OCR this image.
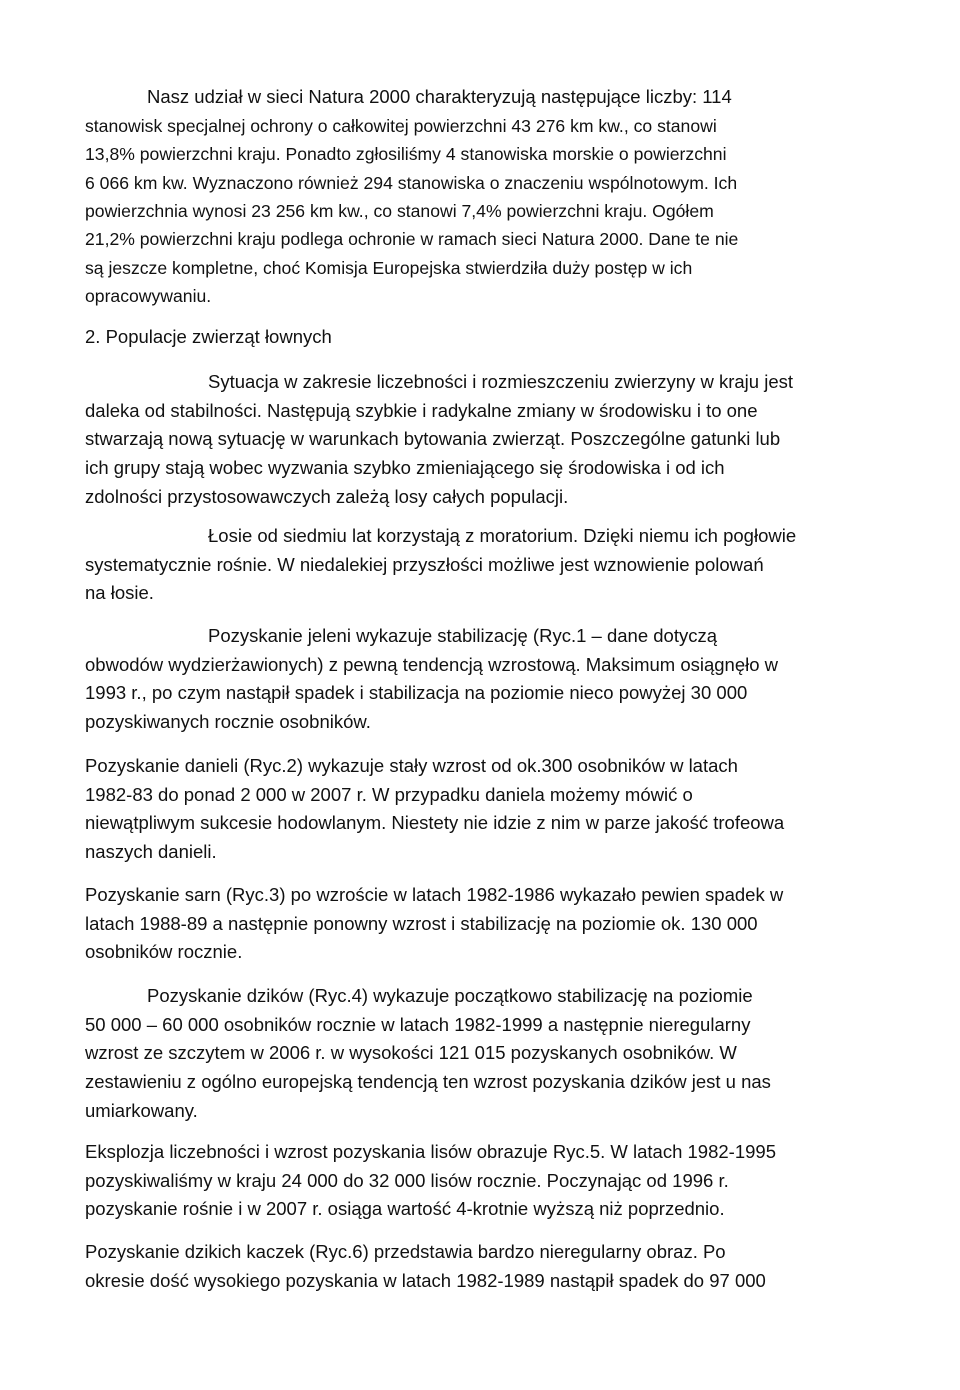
Nasz udział w sieci Natura 2000 charakteryzują następujące liczby: 114
stanowisk specjalnej ochrony o całkowitej powierzchni 43 276 km kw., co stanowi
13,8% powierzchni kraju. Ponadto zgłosiliśmy 4 stanowiska morskie o powierzchni
6 066 km kw. Wyznaczono również 294 stanowiska o znaczeniu wspólnotowym. Ich
powierzchnia wynosi 23 256 km kw., co stanowi 7,4% powierzchni kraju. Ogółem
21,2% powierzchni kraju podlega ochronie w ramach sieci Natura 2000. Dane te nie
są jeszcze kompletne, choć Komisja Europejska stwierdziła duży postęp w ich
opracowywaniu.
2. Populacje zwierząt łownych
Sytuacja w zakresie liczebności i rozmieszczeniu zwierzyny w kraju jest
daleka od stabilności. Następują szybkie i radykalne zmiany w środowisku i to one
stwarzają nową sytuację w warunkach bytowania zwierząt. Poszczególne gatunki lub
ich grupy stają wobec wyzwania szybko zmieniającego się środowiska i od ich
zdolności przystosowawczych zależą losy całych populacji.
Łosie od siedmiu lat korzystają z moratorium. Dzięki niemu ich pogłowie
systematycznie rośnie. W niedalekiej przyszłości możliwe jest wznowienie polowań
na łosie.
Pozyskanie jeleni wykazuje stabilizację (Ryc.1 – dane dotyczą
obwodów wydzierżawionych) z pewną tendencją wzrostową. Maksimum osiągnęło w
1993 r., po czym nastąpił spadek i stabilizacja na poziomie nieco powyżej 30 000
pozyskiwanych rocznie osobników.
Pozyskanie danieli (Ryc.2) wykazuje stały wzrost od ok.300 osobników w latach
1982-83 do ponad 2 000 w 2007 r. W przypadku daniela możemy mówić o
niewątpliwym sukcesie hodowlanym. Niestety nie idzie z nim w parze jakość trofeowa
naszych danieli.
Pozyskanie sarn (Ryc.3) po wzroście w latach 1982-1986 wykazało pewien spadek w
latach 1988-89 a następnie ponowny wzrost i stabilizację na poziomie ok. 130 000
osobników rocznie.
Pozyskanie dzików (Ryc.4) wykazuje początkowo stabilizację na poziomie
50 000 – 60 000 osobników rocznie w latach 1982-1999 a następnie nieregularny
wzrost ze szczytem w 2006 r. w wysokości 121 015 pozyskanych osobników. W
zestawieniu z ogólno europejską tendencją ten wzrost pozyskania dzików jest u nas
umiarkowany.
Eksplozja liczebności i wzrost pozyskania lisów obrazuje Ryc.5. W latach 1982-1995
pozyskiwaliśmy w kraju 24 000 do 32 000 lisów rocznie. Poczynając od 1996 r.
pozyskanie rośnie i w 2007 r. osiąga wartość 4-krotnie wyższą niż poprzednio.
Pozyskanie dzikich kaczek (Ryc.6) przedstawia bardzo nieregularny obraz. Po
okresie dość wysokiego pozyskania w latach 1982-1989 nastąpił spadek do 97 000
